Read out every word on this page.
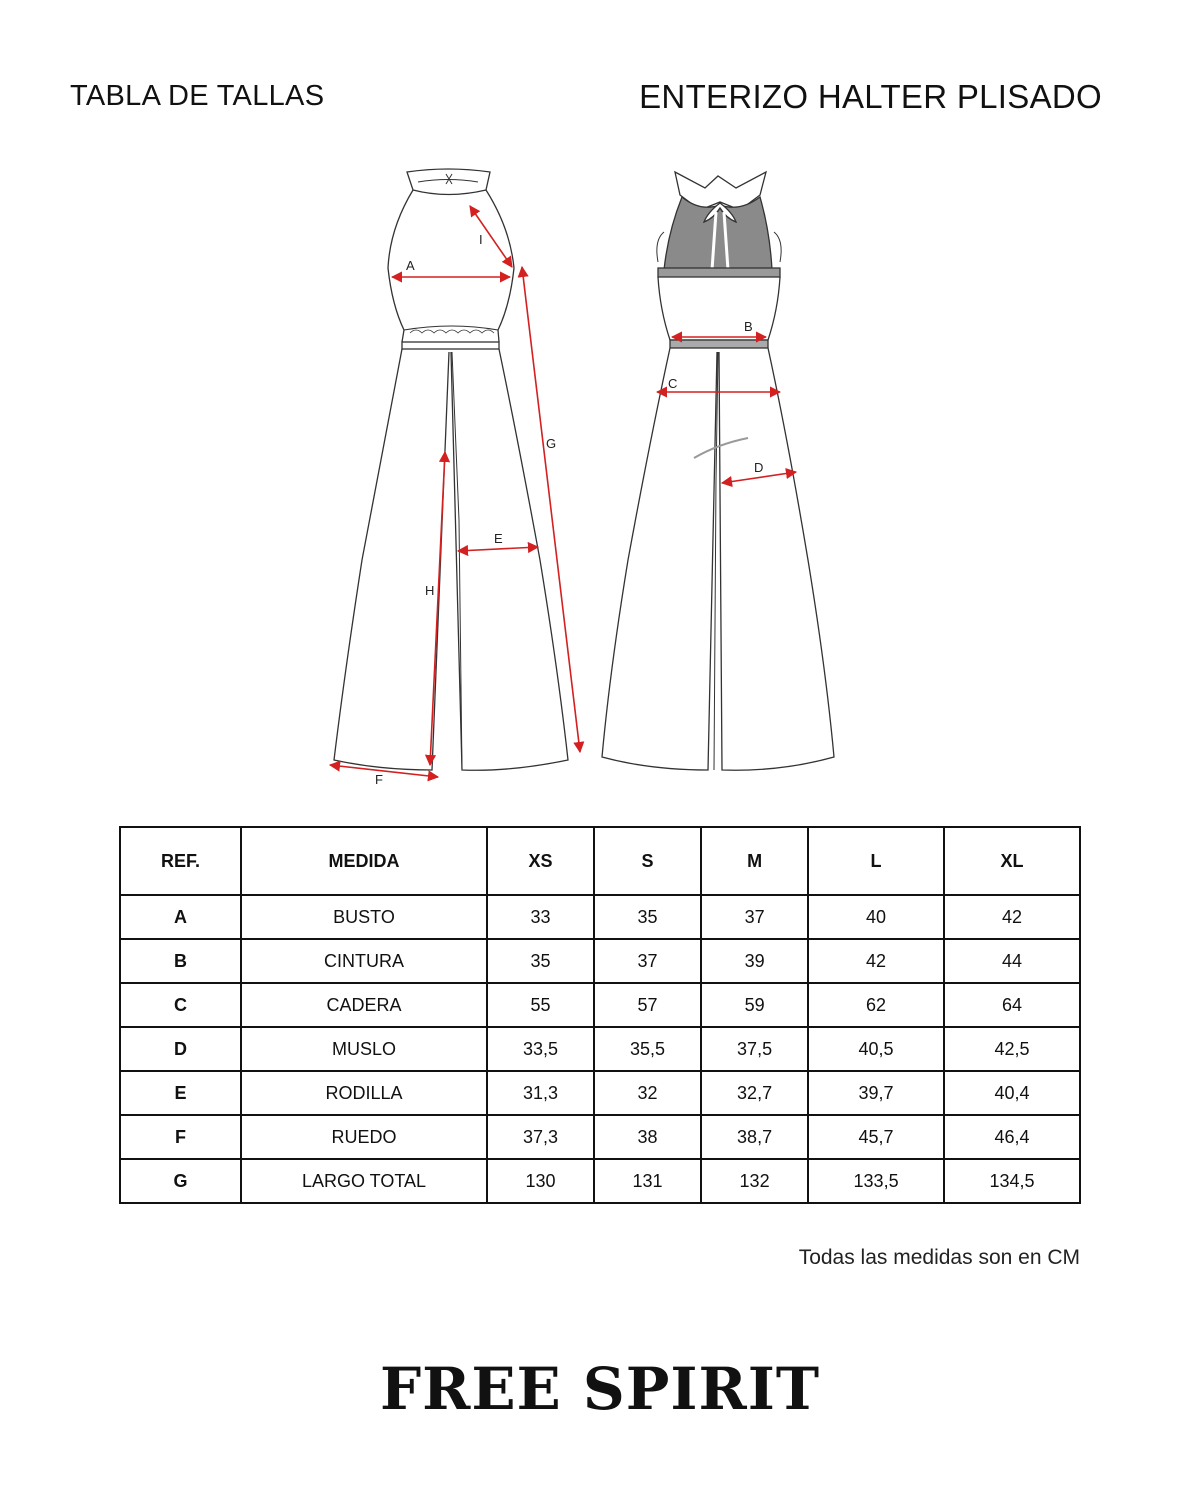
TABLA DE TALLAS	ENTERIZO HALTER PLISADO
A
I
G
H
E
F
B
C
D
REF.	MEDIDA	XS	S	M	L	XL
A	BUSTO	33	35	37	40	42
B	CINTURA	35	37	39	42	44
C	CADERA	55	57	59	62	64
D	MUSLO	33,5	35,5	37,5	40,5	42,5
E	RODILLA	31,3	32	32,7	39,7	40,4
F	RUEDO	37,3	38	38,7	45,7	46,4
G	LARGO TOTAL	130	131	132	133,5	134,5
Todas las medidas son en CM
FREE SPIRIT
